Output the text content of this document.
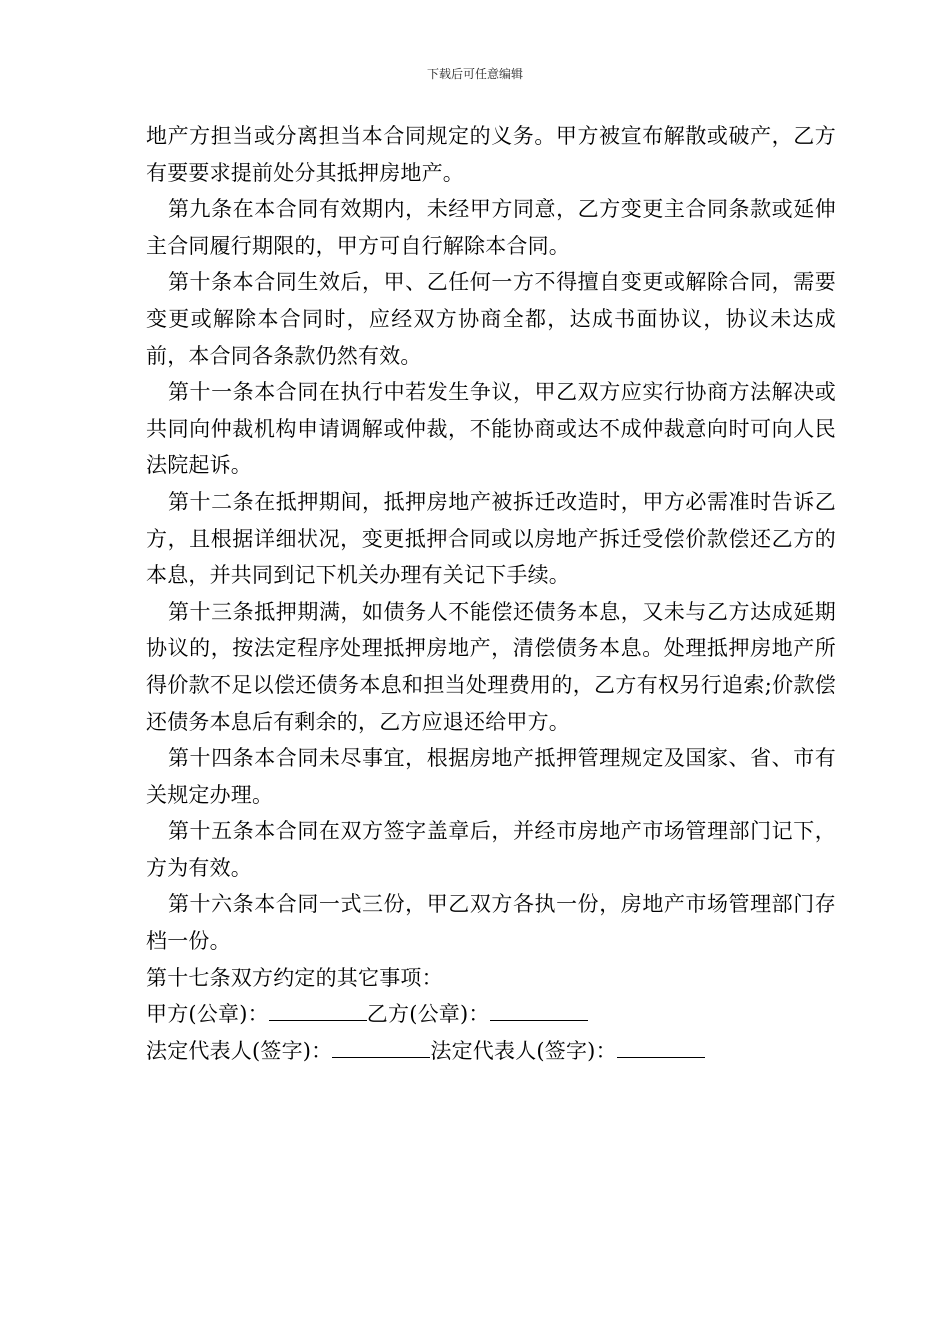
下载后可任意编辑

地产方担当或分离担当本合同规定的义务。甲方被宣布解散或破产，乙方有要要求提前处分其抵押房地产。

第九条在本合同有效期内，未经甲方同意，乙方变更主合同条款或延伸主合同履行期限的，甲方可自行解除本合同。

第十条本合同生效后，甲、乙任何一方不得擅自变更或解除合同，需要变更或解除本合同时，应经双方协商全都，达成书面协议，协议未达成前，本合同各条款仍然有效。

第十一条本合同在执行中若发生争议，甲乙双方应实行协商方法解决或共同向仲裁机构申请调解或仲裁，不能协商或达不成仲裁意向时可向人民法院起诉。

第十二条在抵押期间，抵押房地产被拆迁改造时，甲方必需准时告诉乙方，且根据详细状况，变更抵押合同或以房地产拆迁受偿价款偿还乙方的本息，并共同到记下机关办理有关记下手续。

第十三条抵押期满，如债务人不能偿还债务本息，又未与乙方达成延期协议的，按法定程序处理抵押房地产，清偿债务本息。处理抵押房地产所得价款不足以偿还债务本息和担当处理费用的，乙方有权另行追索;价款偿还债务本息后有剩余的，乙方应退还给甲方。

第十四条本合同未尽事宜，根据房地产抵押管理规定及国家、省、市有关规定办理。

第十五条本合同在双方签字盖章后，并经市房地产市场管理部门记下，方为有效。

第十六条本合同一式三份，甲乙双方各执一份，房地产市场管理部门存档一份。

第十七条双方约定的其它事项：

甲方(公章)：	乙方(公章)：

法定代表人(签字)：	法定代表人(签字)：
